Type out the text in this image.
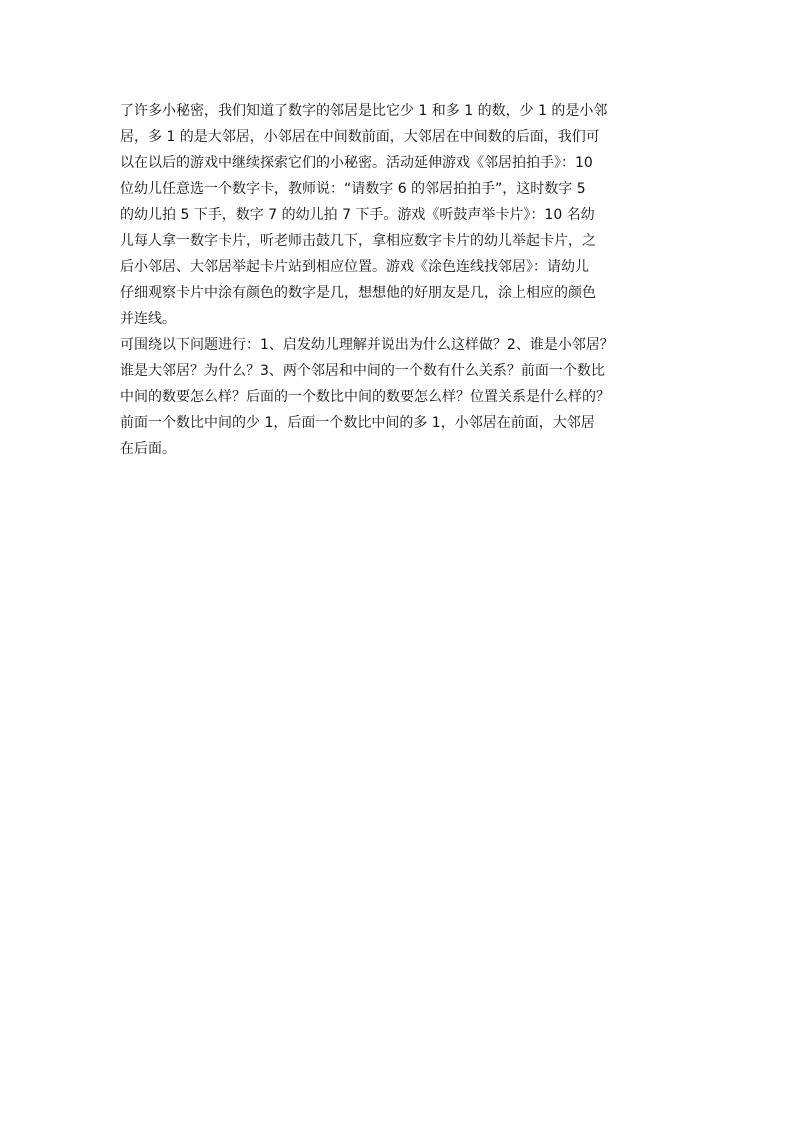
了许多小秘密，我们知道了数字的邻居是比它少 1 和多 1 的数，少 1 的是小邻
居，多 1 的是大邻居，小邻居在中间数前面，大邻居在中间数的后面，我们可
以在以后的游戏中继续探索它们的小秘密。活动延伸游戏《邻居拍拍手》：10
位幼儿任意选一个数字卡，教师说：“请数字 6 的邻居拍拍手”，这时数字 5
的幼儿拍 5 下手，数字 7 的幼儿拍 7 下手。游戏《听鼓声举卡片》：10 名幼
儿每人拿一数字卡片，听老师击鼓几下，拿相应数字卡片的幼儿举起卡片，之
后小邻居、大邻居举起卡片站到相应位置。游戏《涂色连线找邻居》：请幼儿
仔细观察卡片中涂有颜色的数字是几，想想他的好朋友是几，涂上相应的颜色
并连线。
可围绕以下问题进行：1、启发幼儿理解并说出为什么这样做？2、谁是小邻居？
谁是大邻居？为什么？3、两个邻居和中间的一个数有什么关系？前面一个数比
中间的数要怎么样？后面的一个数比中间的数要怎么样？位置关系是什么样的？
前面一个数比中间的少 1，后面一个数比中间的多 1，小邻居在前面，大邻居
在后面。
